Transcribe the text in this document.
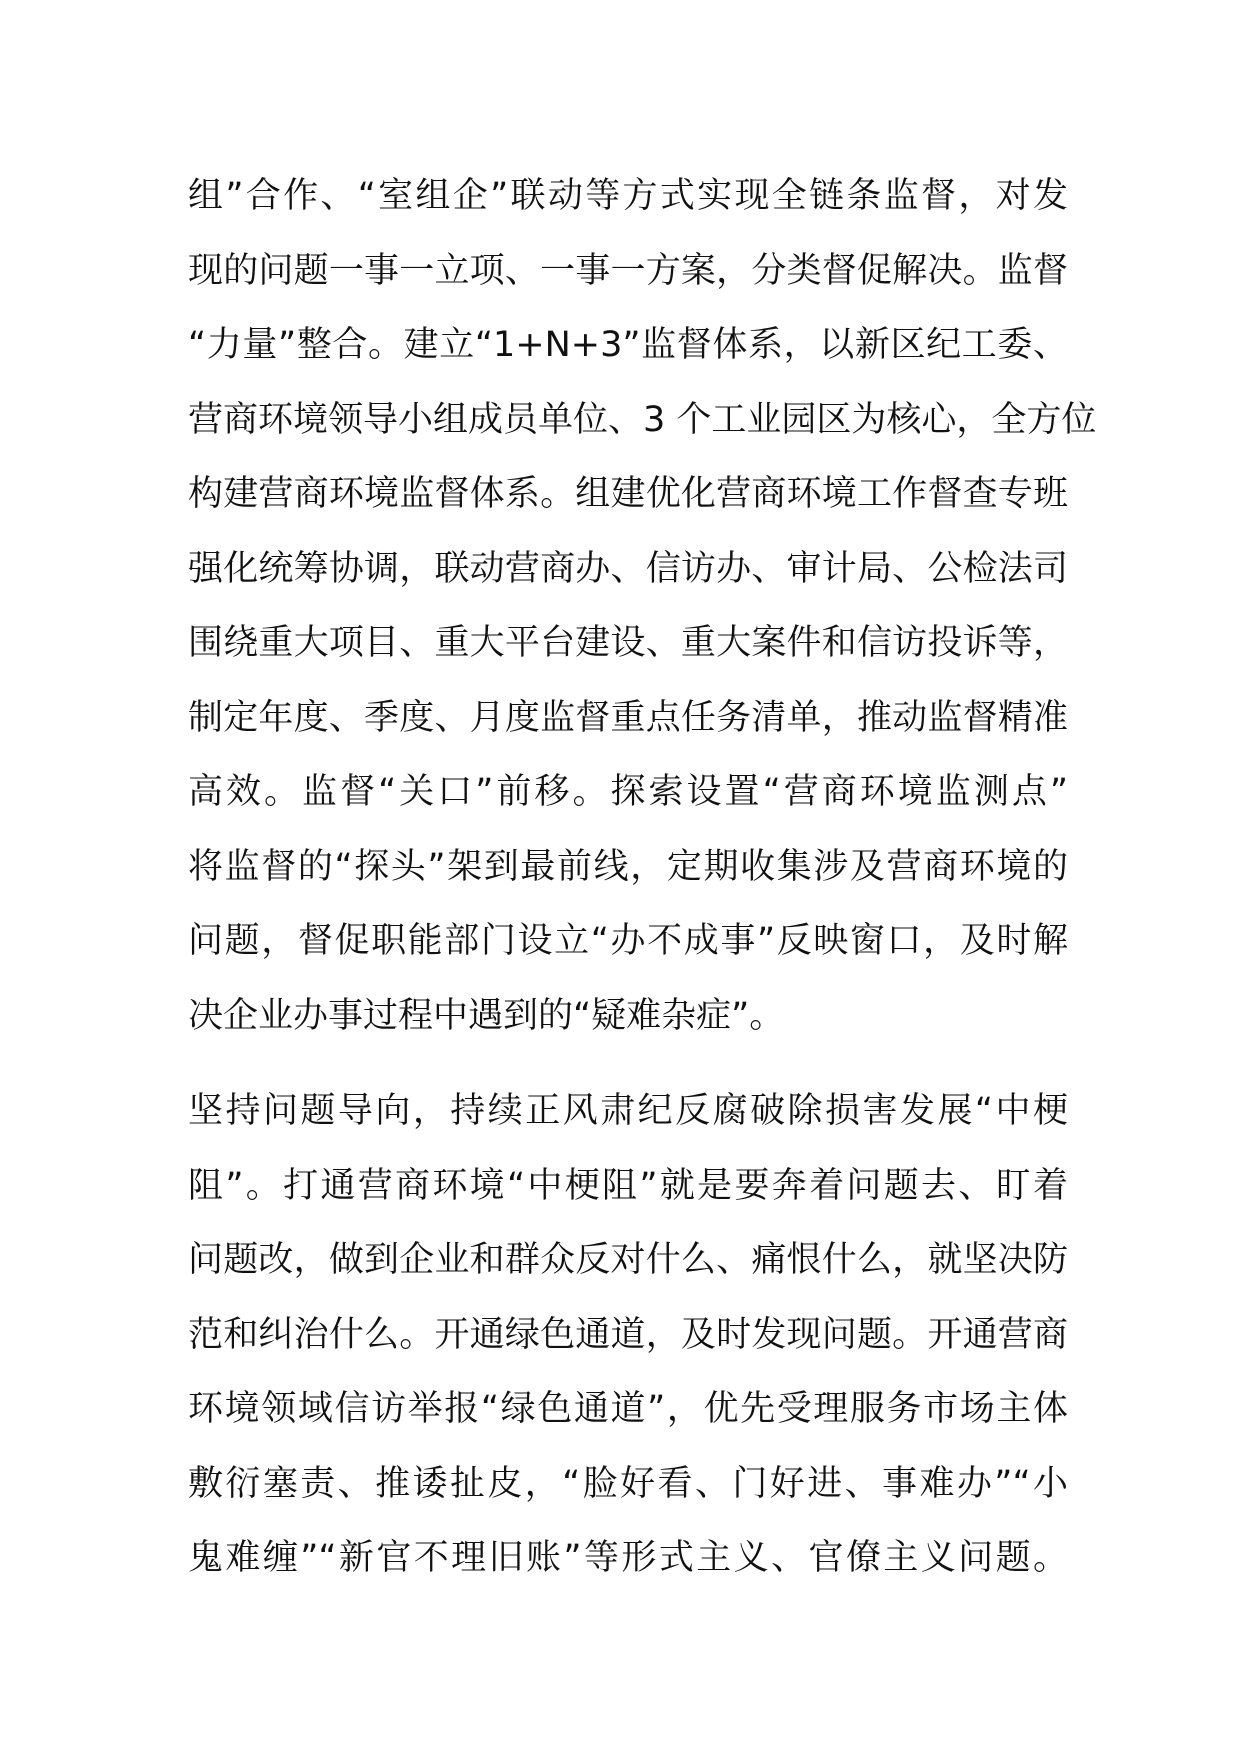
组”合作、“室组企”联动等方式实现全链条监督，对发
现的问题一事一立项、一事一方案，分类督促解决。监督
“力量”整合。建立“1+N+3”监督体系，以新区纪工委、
营商环境领导小组成员单位、3 个工业园区为核心，全方位
构建营商环境监督体系。组建优化营商环境工作督查专班
强化统筹协调，联动营商办、信访办、审计局、公检法司
围绕重大项目、重大平台建设、重大案件和信访投诉等，
制定年度、季度、月度监督重点任务清单，推动监督精准
高效。监督“关口”前移。探索设置“营商环境监测点”
将监督的“探头”架到最前线，定期收集涉及营商环境的
问题，督促职能部门设立“办不成事”反映窗口，及时解
决企业办事过程中遇到的“疑难杂症”。
坚持问题导向，持续正风肃纪反腐破除损害发展“中梗
阻”。打通营商环境“中梗阻”就是要奔着问题去、盯着
问题改，做到企业和群众反对什么、痛恨什么，就坚决防
范和纠治什么。开通绿色通道，及时发现问题。开通营商
环境领域信访举报“绿色通道”，优先受理服务市场主体
敷衍塞责、推诿扯皮，“脸好看、门好进、事难办”“小
鬼难缠”“新官不理旧账”等形式主义、官僚主义问题。
